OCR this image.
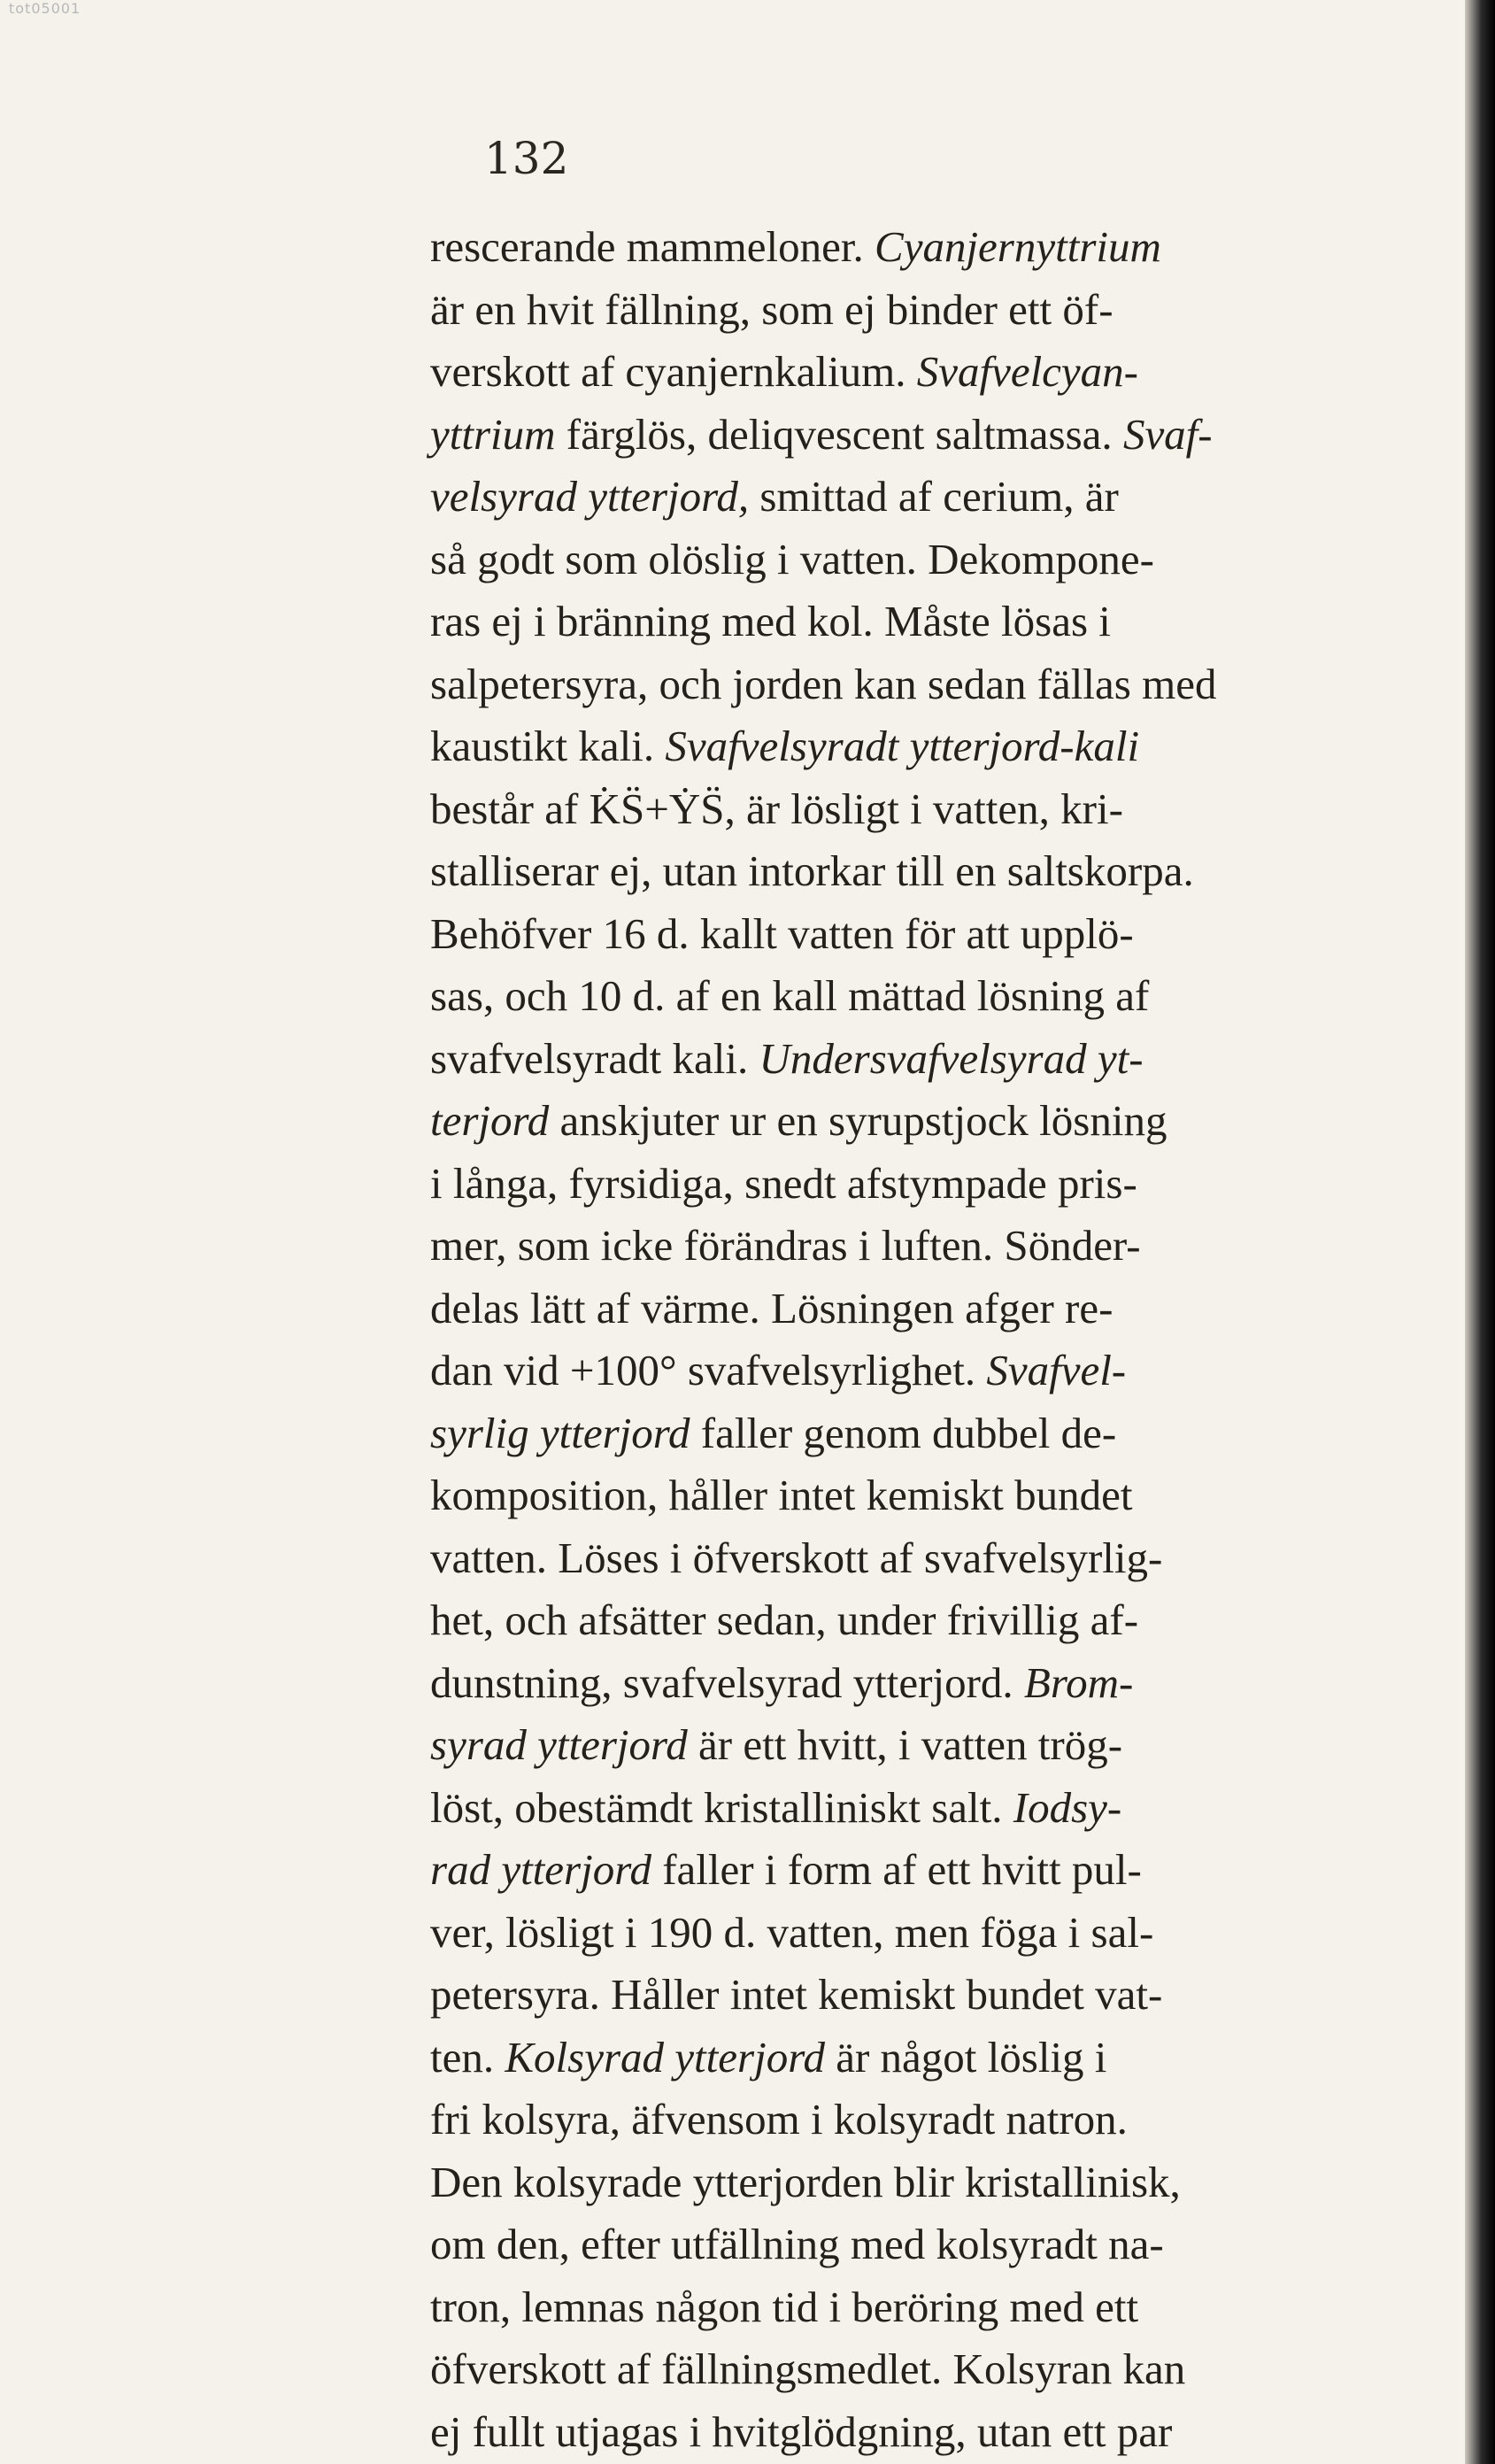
tot05001
132
rescerande mammeloner. Cyanjernyttrium
är en hvit fällning, som ej binder ett öf-
verskott af cyanjernkalium. Svafvelcyan-
yttrium färglös, deliqvescent saltmassa. Svaf-
velsyrad ytterjord, smittad af cerium, är
så godt som olöslig i vatten. Dekompone-
ras ej i bränning med kol. Måste lösas i
salpetersyra, och jorden kan sedan fällas med
kaustikt kali. Svafvelsyradt ytterjord-kali
består af K̇S̈+ẎS̈, är lösligt i vatten, kri-
stalliserar ej, utan intorkar till en saltskorpa.
Behöfver 16 d. kallt vatten för att upplö-
sas, och 10 d. af en kall mättad lösning af
svafvelsyradt kali. Undersvafvelsyrad yt-
terjord anskjuter ur en syrupstjock lösning
i långa, fyrsidiga, snedt afstympade pris-
mer, som icke förändras i luften. Sönder-
delas lätt af värme. Lösningen afger re-
dan vid +100° svafvelsyrlighet. Svafvel-
syrlig ytterjord faller genom dubbel de-
komposition, håller intet kemiskt bundet
vatten. Löses i öfverskott af svafvelsyrlig-
het, och afsätter sedan, under frivillig af-
dunstning, svafvelsyrad ytterjord. Brom-
syrad ytterjord är ett hvitt, i vatten trög-
löst, obestämdt kristalliniskt salt. Iodsy-
rad ytterjord faller i form af ett hvitt pul-
ver, lösligt i 190 d. vatten, men föga i sal-
petersyra. Håller intet kemiskt bundet vat-
ten. Kolsyrad ytterjord är något löslig i
fri kolsyra, äfvensom i kolsyradt natron.
Den kolsyrade ytterjorden blir kristallinisk,
om den, efter utfällning med kolsyradt na-
tron, lemnas någon tid i beröring med ett
öfverskott af fällningsmedlet. Kolsyran kan
ej fullt utjagas i hvitglödgning, utan ett par
